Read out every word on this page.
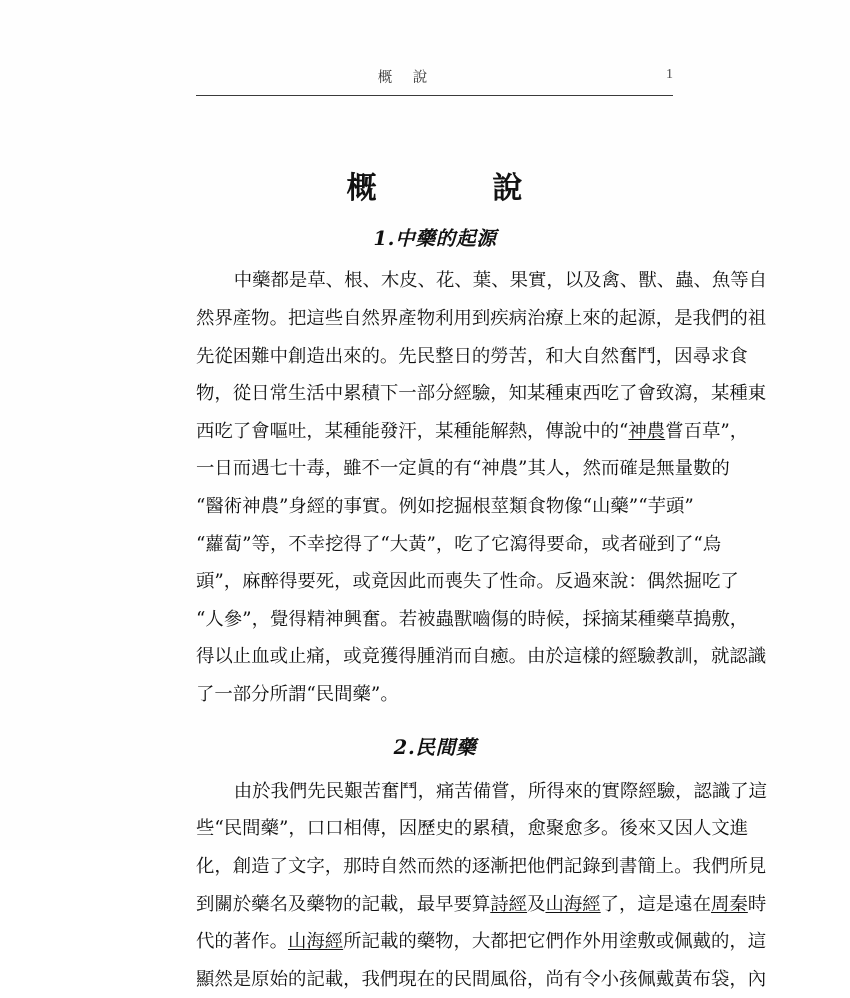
概 說	1
概　　說
1.中藥的起源
中藥都是草、根、木皮、花、葉、果實，以及禽、獸、蟲、魚等自
然界產物。把這些自然界產物利用到疾病治療上來的起源，是我們的祖
先從困難中創造出來的。先民整日的勞苦，和大自然奮鬥，因尋求食
物，從日常生活中累積下一部分經驗，知某種東西吃了會致瀉，某種東
西吃了會嘔吐，某種能發汗，某種能解熱，傳說中的“神農嘗百草”，
一日而遇七十毒，雖不一定眞的有“神農”其人，然而確是無量數的
“醫術神農”身經的事實。例如挖掘根莖類食物像“山藥”“芋頭”
“蘿蔔”等，不幸挖得了“大黃”，吃了它瀉得要命，或者碰到了“烏
頭”，麻醉得要死，或竟因此而喪失了性命。反過來說：偶然掘吃了
“人參”，覺得精神興奮。若被蟲獸嚙傷的時候，採摘某種藥草搗敷，
得以止血或止痛，或竟獲得腫消而自癒。由於這樣的經驗教訓，就認識
了一部分所謂“民間藥”。
2.民間藥
由於我們先民艱苦奮鬥，痛苦備嘗，所得來的實際經驗，認識了這
些“民間藥”，口口相傳，因歷史的累積，愈聚愈多。後來又因人文進
化，創造了文字，那時自然而然的逐漸把他們記錄到書簡上。我們所見
到關於藥名及藥物的記載，最早要算詩經及山海經了，這是遠在周秦時
代的著作。山海經所記載的藥物，大都把它們作外用塗敷或佩戴的，這
顯然是原始的記載，我們現在的民間風俗，尚有令小孩佩戴黃布袋，內
